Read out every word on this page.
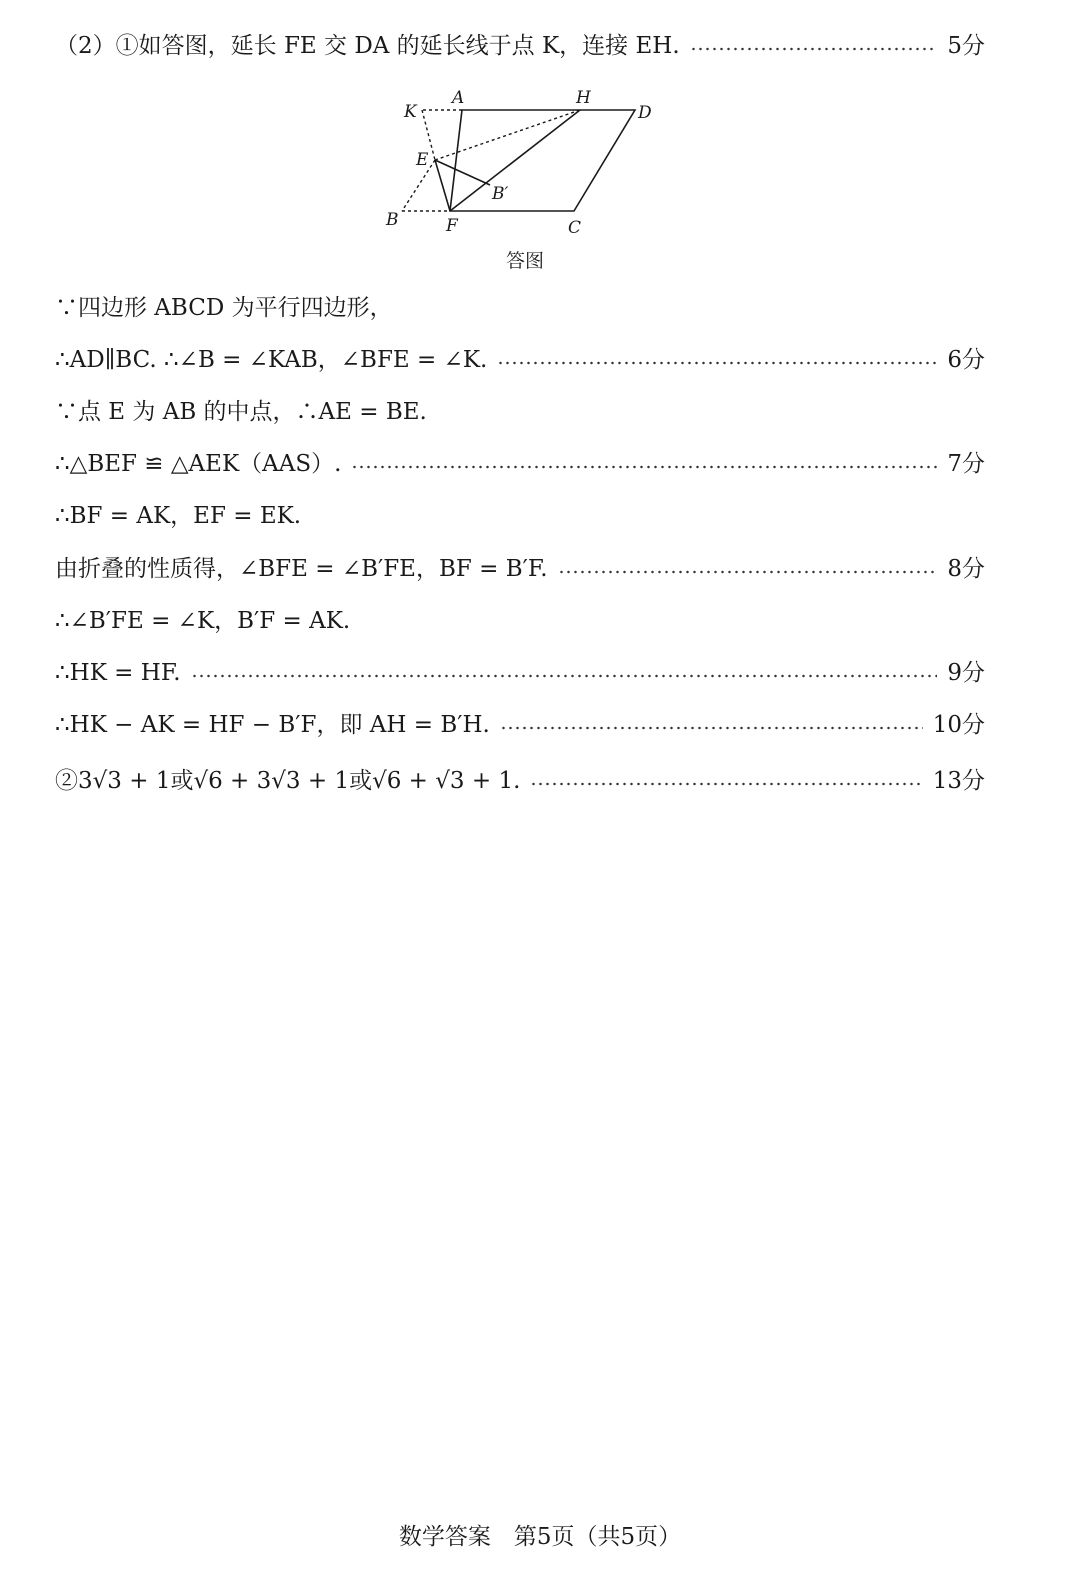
（2）①如答图，延长 FE 交 DA 的延长线于点 K，连接 EH.	5分
K
A	H
D
E
B′
B	F	C
答图
∵四边形 ABCD 为平行四边形，
∴AD∥BC. ∴∠B = ∠KAB，∠BFE = ∠K.	6分
∵点 E 为 AB 的中点，∴AE = BE.
∴△BEF ≌ △AEK（AAS）.	7分
∴BF = AK，EF = EK.
由折叠的性质得，∠BFE = ∠B′FE，BF = B′F.	8分
∴∠B′FE = ∠K，B′F = AK.
∴HK = HF.	9分
∴HK − AK = HF − B′F，即 AH = B′H.	10分
②3√3 + 1或√6 + 3√3 + 1或√6 + √3 + 1.	13分
数学答案　第5页（共5页）
